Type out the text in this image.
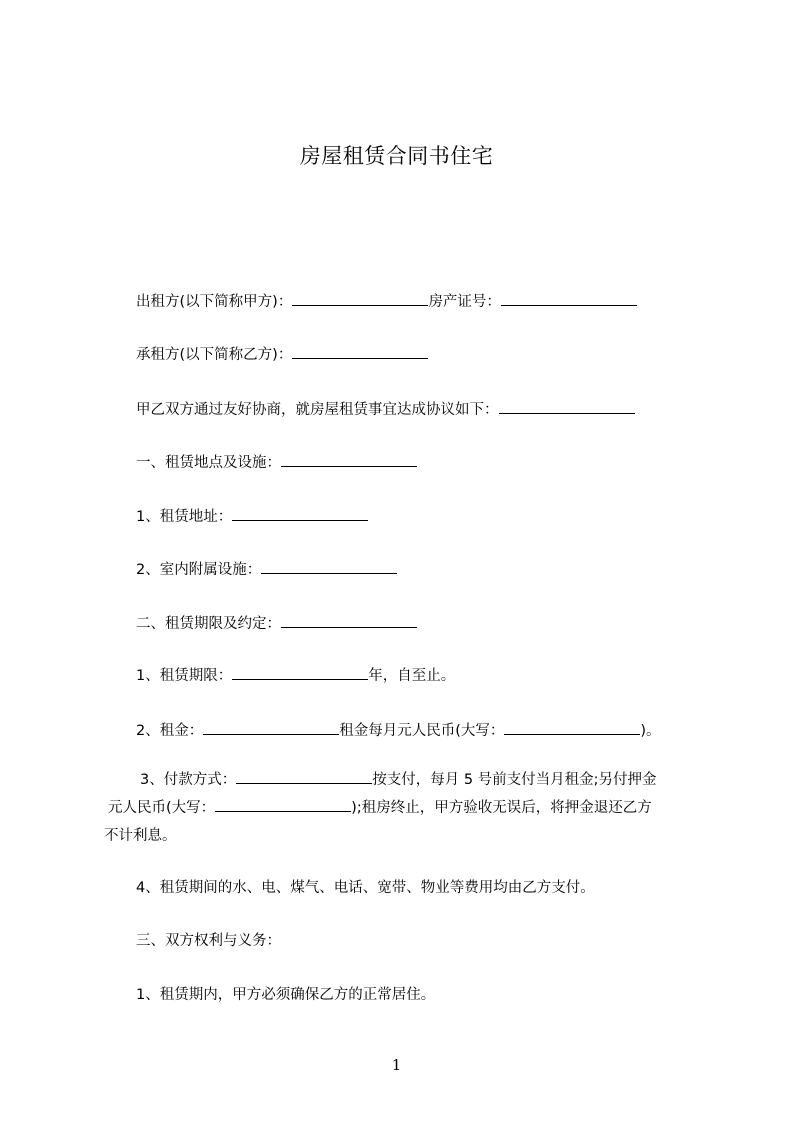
房屋租赁合同书住宅
出租方(以下简称甲方)：	房产证号：
承租方(以下简称乙方)：
甲乙双方通过友好协商，就房屋租赁事宜达成协议如下：
一、租赁地点及设施：
1、租赁地址：
2、室内附属设施：
二、租赁期限及约定：
1、租赁期限：	年，自至止。
2、租金：	租金每月元人民币(大写：	)。
3、付款方式：	按支付，每月 5 号前支付当月租金;另付押金
元人民币(大写：	);租房终止，甲方验收无误后，将押金退还乙方
不计利息。
4、租赁期间的水、电、煤气、电话、宽带、物业等费用均由乙方支付。
三、双方权利与义务：
1、租赁期内，甲方必须确保乙方的正常居住。
1
